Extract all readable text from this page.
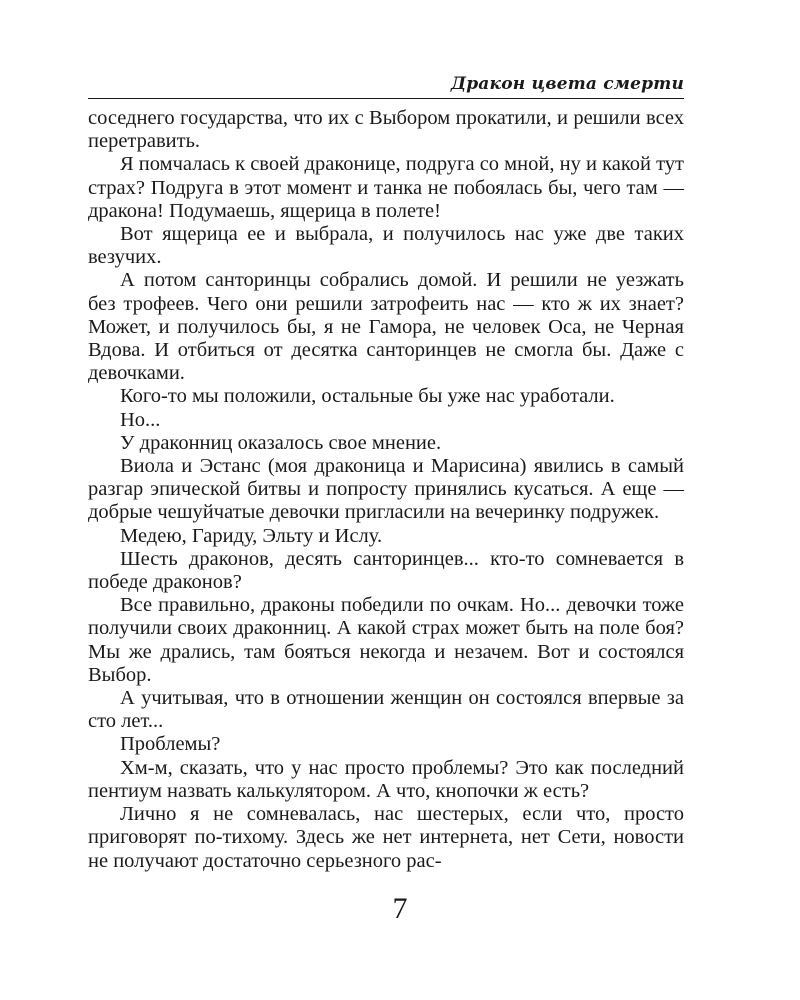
Дракон цвета смерти

соседнего государства, что их с Выбором прокатили, и решили всех перетравить.

Я помчалась к своей драконице, подруга со мной, ну и какой тут страх? Подруга в этот момент и танка не побоялась бы, чего там — дракона! Подумаешь, ящерица в полете!

Вот ящерица ее и выбрала, и получилось нас уже две таких везучих.

А потом санторинцы собрались домой. И решили не уезжать без трофеев. Чего они решили затрофеить нас — кто ж их знает? Может, и получилось бы, я не Гамора, не человек Оса, не Черная Вдова. И отбиться от десятка санторинцев не смогла бы. Даже с девочками.

Кого-то мы положили, остальные бы уже нас уработали.

Но...

У драконниц оказалось свое мнение.

Виола и Эстанс (моя драконица и Марисина) явились в самый разгар эпической битвы и попросту принялись кусаться. А еще — добрые чешуйчатые девочки пригласили на вечеринку подружек.

Медею, Гариду, Эльту и Ислу.

Шесть драконов, десять санторинцев... кто-то сомневается в победе драконов?

Все правильно, драконы победили по очкам. Но... девочки тоже получили своих драконниц. А какой страх может быть на поле боя? Мы же дрались, там бояться некогда и незачем. Вот и состоялся Выбор.

А учитывая, что в отношении женщин он состоялся впервые за сто лет...

Проблемы?

Хм-м, сказать, что у нас просто проблемы? Это как последний пентиум назвать калькулятором. А что, кнопочки ж есть?

Лично я не сомневалась, нас шестерых, если что, просто приговорят по-тихому. Здесь же нет интернета, нет Сети, новости не получают достаточно серьезного рас-

7
